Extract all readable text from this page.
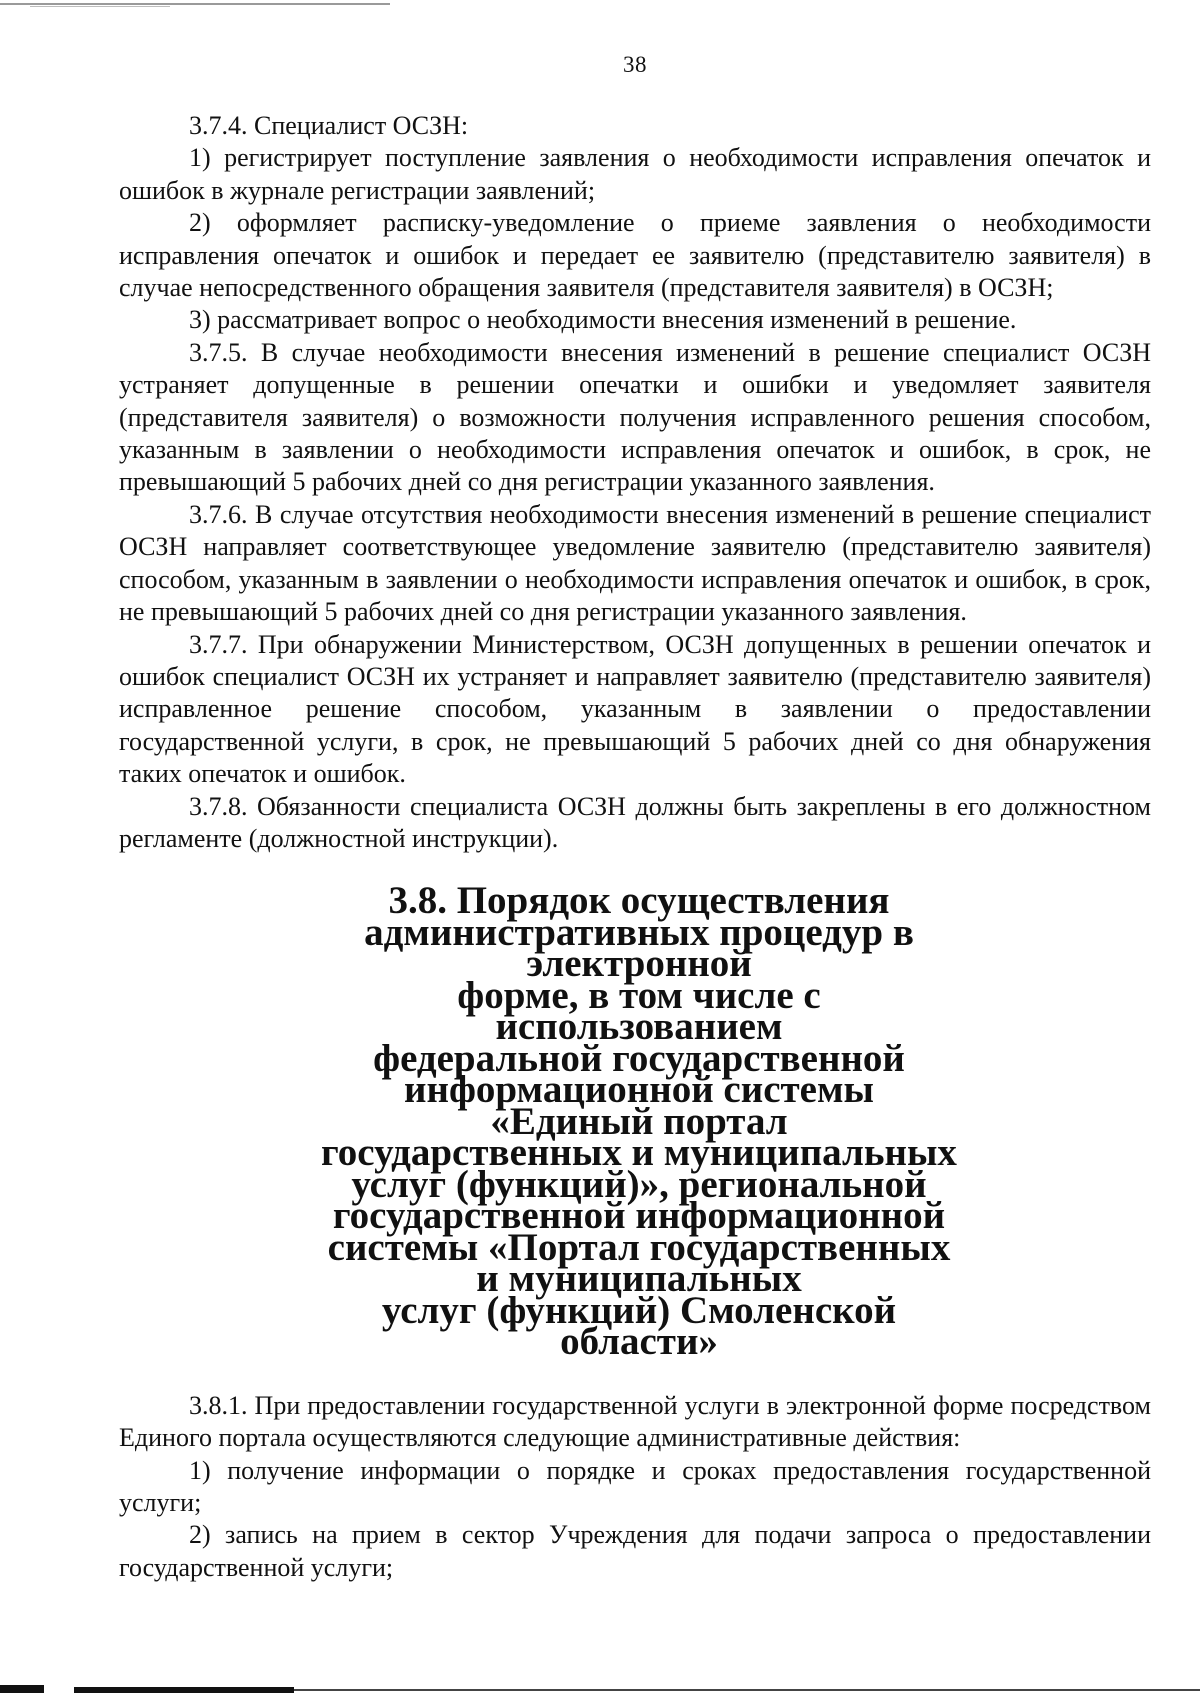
38

3.7.4. Специалист ОСЗН:

1) регистрирует поступление заявления о необходимости исправления опечаток и ошибок в журнале регистрации заявлений;

2) оформляет расписку-уведомление о приеме заявления о необходимости исправления опечаток и ошибок и передает ее заявителю (представителю заявителя) в случае непосредственного обращения заявителя (представителя заявителя) в ОСЗН;

3) рассматривает вопрос о необходимости внесения изменений в решение.

3.7.5. В случае необходимости внесения изменений в решение специалист ОСЗН устраняет допущенные в решении опечатки и ошибки и уведомляет заявителя (представителя заявителя) о возможности получения исправленного решения способом, указанным в заявлении о необходимости исправления опечаток и ошибок, в срок, не превышающий 5 рабочих дней со дня регистрации указанного заявления.

3.7.6. В случае отсутствия необходимости внесения изменений в решение специалист ОСЗН направляет соответствующее уведомление заявителю (представителю заявителя) способом, указанным в заявлении о необходимости исправления опечаток и ошибок, в срок, не превышающий 5 рабочих дней со дня регистрации указанного заявления.

3.7.7. При обнаружении Министерством, ОСЗН допущенных в решении опечаток и ошибок специалист ОСЗН их устраняет и направляет заявителю (представителю заявителя) исправленное решение способом, указанным в заявлении о предоставлении государственной услуги, в срок, не превышающий 5 рабочих дней со дня обнаружения таких опечаток и ошибок.

3.7.8. Обязанности специалиста ОСЗН должны быть закреплены в его должностном регламенте (должностной инструкции).

3.8. Порядок осуществления
административных процедур в электронной
форме, в том числе с использованием
федеральной государственной
информационной системы «Единый портал
государственных и муниципальных
услуг (функций)», региональной
государственной информационной
системы «Портал государственных
и муниципальных
услуг (функций) Смоленской области»

3.8.1. При предоставлении государственной услуги в электронной форме посредством Единого портала осуществляются следующие административные действия:

1) получение информации о порядке и сроках предоставления государственной услуги;

2) запись на прием в сектор Учреждения для подачи запроса о предоставлении государственной услуги;
